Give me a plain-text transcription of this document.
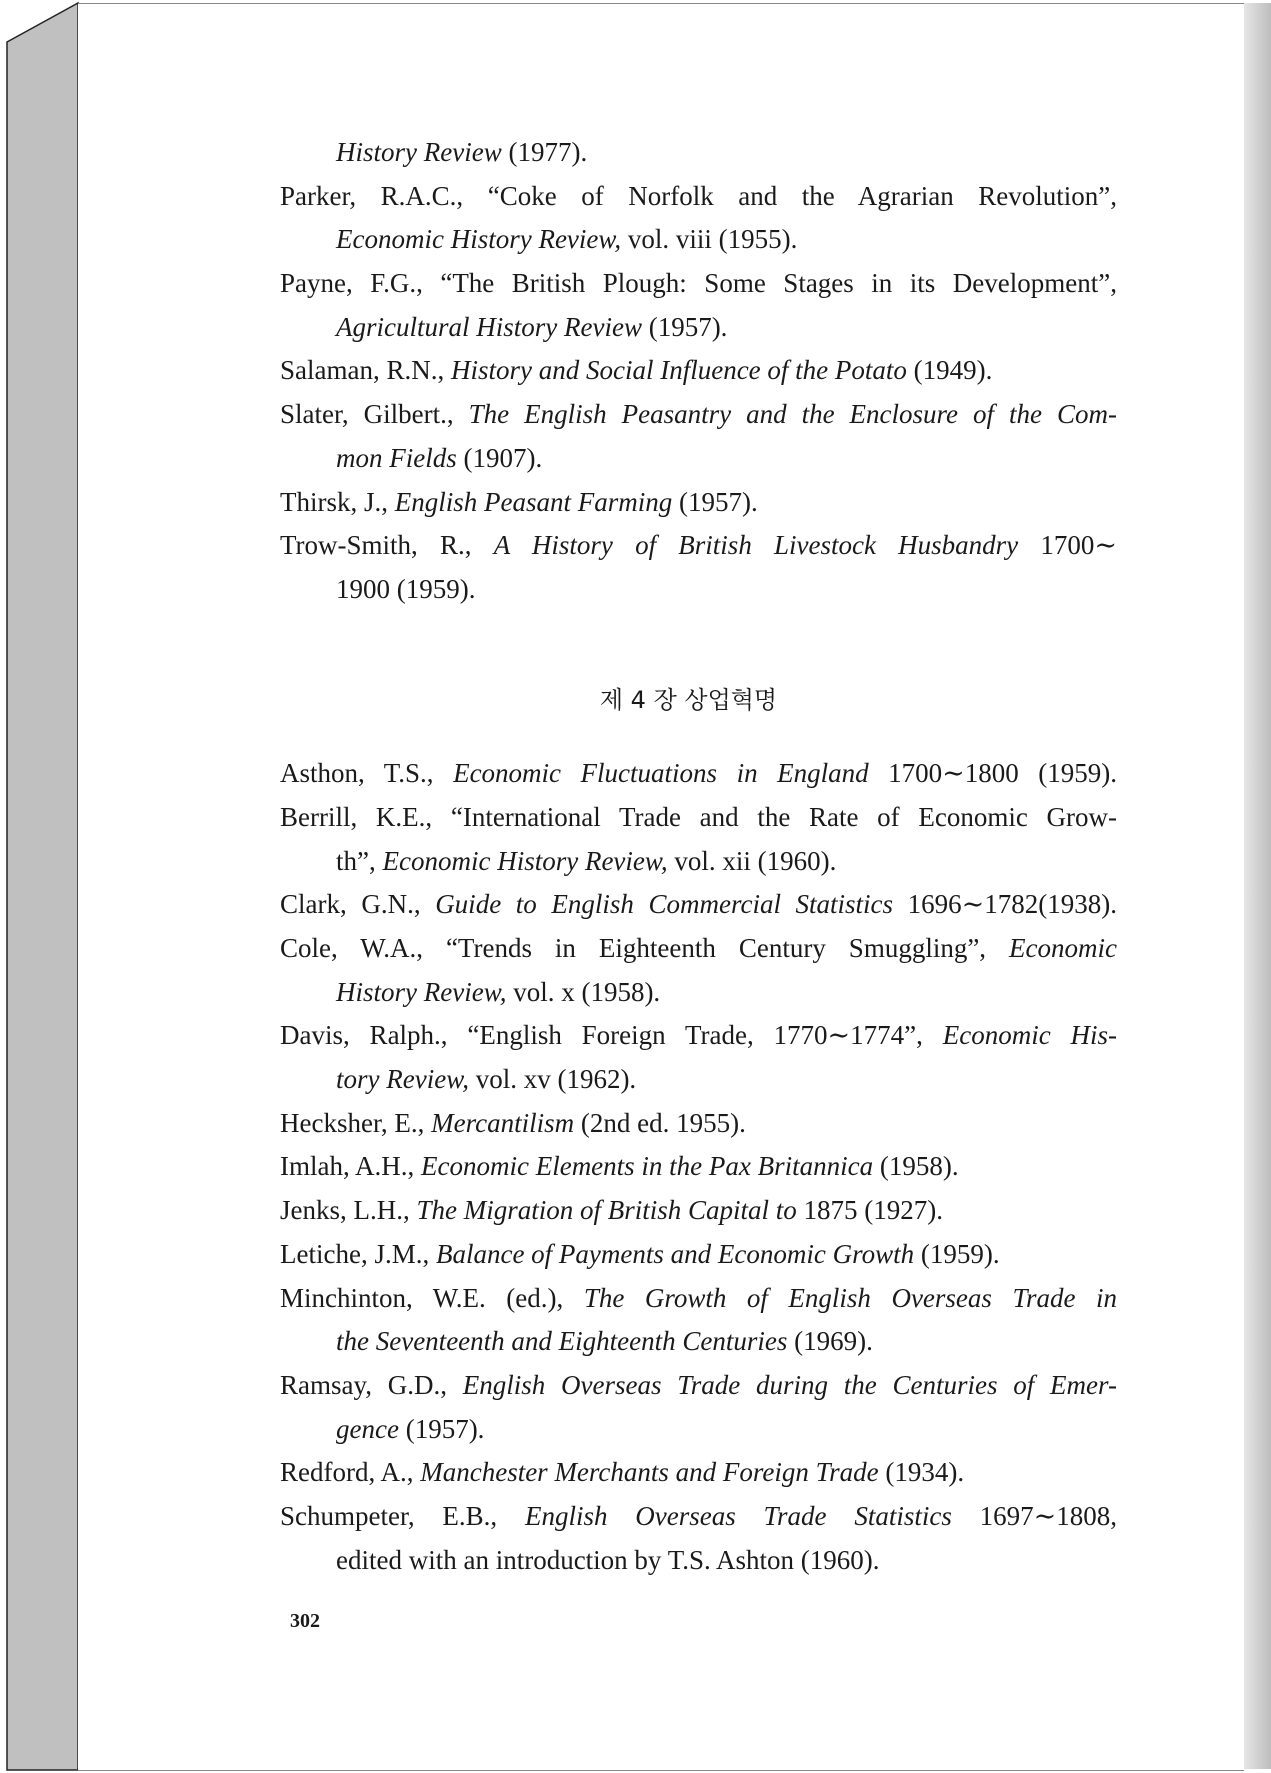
History Review (1977).
Parker, R.A.C., “Coke of Norfolk and the Agrarian Revolution”,
Economic History Review, vol. viii (1955).
Payne, F.G., “The British Plough: Some Stages in its Development”,
Agricultural History Review (1957).
Salaman, R.N., History and Social Influence of the Potato (1949).
Slater, Gilbert., The English Peasantry and the Enclosure of the Com-
mon Fields (1907).
Thirsk, J., English Peasant Farming (1957).
Trow-Smith, R., A History of British Livestock Husbandry 1700∼
1900 (1959).
제 4 장 상업혁명
Asthon, T.S., Economic Fluctuations in England 1700∼1800 (1959).
Berrill, K.E., “International Trade and the Rate of Economic Grow-
th”, Economic History Review, vol. xii (1960).
Clark, G.N., Guide to English Commercial Statistics 1696∼1782(1938).
Cole, W.A., “Trends in Eighteenth Century Smuggling”, Economic
History Review, vol. x (1958).
Davis, Ralph., “English Foreign Trade, 1770∼1774”, Economic His-
tory Review, vol. xv (1962).
Hecksher, E., Mercantilism (2nd ed. 1955).
Imlah, A.H., Economic Elements in the Pax Britannica (1958).
Jenks, L.H., The Migration of British Capital to 1875 (1927).
Letiche, J.M., Balance of Payments and Economic Growth (1959).
Minchinton, W.E. (ed.), The Growth of English Overseas Trade in
the Seventeenth and Eighteenth Centuries (1969).
Ramsay, G.D., English Overseas Trade during the Centuries of Emer-
gence (1957).
Redford, A., Manchester Merchants and Foreign Trade (1934).
Schumpeter, E.B., English Overseas Trade Statistics 1697∼1808,
edited with an introduction by T.S. Ashton (1960).
302
